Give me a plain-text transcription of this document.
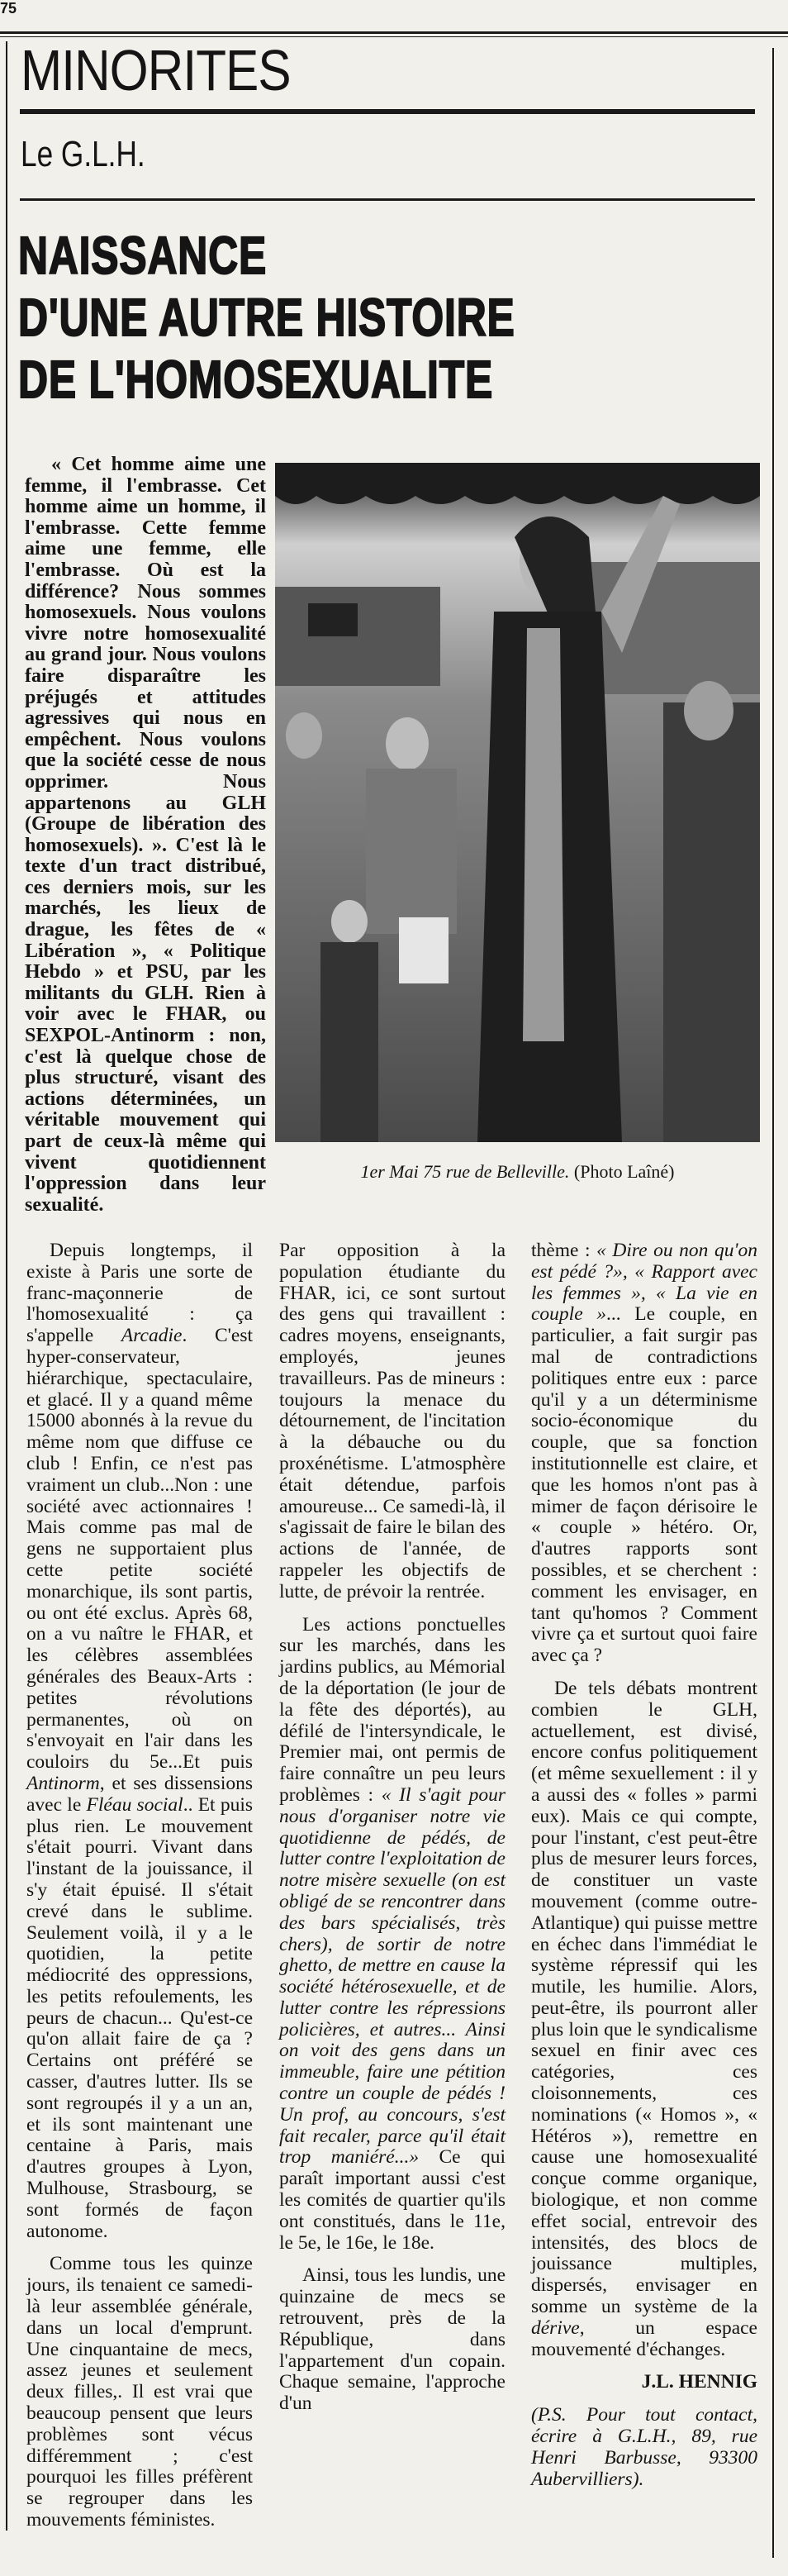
75
MINORITES
Le G.L.H.
NAISSANCE
D'UNE AUTRE HISTOIRE
DE L'HOMOSEXUALITE

« Cet homme aime une femme, il l'embrasse. Cet homme aime un homme, il l'embrasse. Cette femme aime une femme, elle l'embrasse. Où est la différence? Nous sommes homosexuels. Nous voulons vivre notre homosexualité au grand jour. Nous voulons faire disparaître les préjugés et attitudes agressives qui nous en empêchent. Nous voulons que la société cesse de nous opprimer. Nous appartenons au GLH (Groupe de libération des homosexuels). ». C'est là le texte d'un tract distribué, ces derniers mois, sur les marchés, les lieux de drague, les fêtes de « Libération », « Politique Hebdo » et PSU, par les militants du GLH. Rien à voir avec le FHAR, ou SEXPOL-Antinorm : non, c'est là quelque chose de plus structuré, visant des actions déterminées, un véritable mouvement qui part de ceux-là même qui vivent quotidiennent l'oppression dans leur sexualité.

1er Mai 75 rue de Belleville. (Photo Laîné)

Depuis longtemps, il existe à Paris une sorte de franc-maçonnerie de l'homosexualité : ça s'appelle Arcadie. C'est hyper-conservateur, hiérarchique, spectaculaire, et glacé. Il y a quand même 15000 abonnés à la revue du même nom que diffuse ce club ! Enfin, ce n'est pas vraiment un club...Non : une société avec actionnaires ! Mais comme pas mal de gens ne supportaient plus cette petite société monarchique, ils sont partis, ou ont été exclus. Après 68, on a vu naître le FHAR, et les célèbres assemblées générales des Beaux-Arts : petites révolutions permanentes, où on s'envoyait en l'air dans les couloirs du 5e...Et puis Antinorm, et ses dissensions avec le Fléau social.. Et puis plus rien. Le mouvement s'était pourri. Vivant dans l'instant de la jouissance, il s'y était épuisé. Il s'était crevé dans le sublime. Seulement voilà, il y a le quotidien, la petite médiocrité des oppressions, les petits refoulements, les peurs de chacun... Qu'est-ce qu'on allait faire de ça ? Certains ont préféré se casser, d'autres lutter. Ils se sont regroupés il y a un an, et ils sont maintenant une centaine à Paris, mais d'autres groupes à Lyon, Mulhouse, Strasbourg, se sont formés de façon autonome.

Comme tous les quinze jours, ils tenaient ce samedi-là leur assemblée générale, dans un local d'emprunt. Une cinquantaine de mecs, assez jeunes et seulement deux filles,. Il est vrai que beaucoup pensent que leurs problèmes sont vécus différemment ; c'est pourquoi les filles préfèrent se regrouper dans les mouvements féministes.

Par opposition à la population étudiante du FHAR, ici, ce sont surtout des gens qui travaillent : cadres moyens, enseignants, employés, jeunes travailleurs. Pas de mineurs : toujours la menace du détournement, de l'incitation à la débauche ou du proxénétisme. L'atmosphère était détendue, parfois amoureuse... Ce samedi-là, il s'agissait de faire le bilan des actions de l'année, de rappeler les objectifs de lutte, de prévoir la rentrée.

Les actions ponctuelles sur les marchés, dans les jardins publics, au Mémorial de la déportation (le jour de la fête des déportés), au défilé de l'intersyndicale, le Premier mai, ont permis de faire connaître un peu leurs problèmes : « Il s'agit pour nous d'organiser notre vie quotidienne de pédés, de lutter contre l'exploitation de notre misère sexuelle (on est obligé de se rencontrer dans des bars spécialisés, très chers), de sortir de notre ghetto, de mettre en cause la société hétérosexuelle, et de lutter contre les répressions policières, et autres... Ainsi on voit des gens dans un immeuble, faire une pétition contre un couple de pédés ! Un prof, au concours, s'est fait recaler, parce qu'il était trop maniéré...» Ce qui paraît important aussi c'est les comités de quartier qu'ils ont constitués, dans le 11e, le 5e, le 16e, le 18e.

Ainsi, tous les lundis, une quinzaine de mecs se retrouvent, près de la République, dans l'appartement d'un copain. Chaque semaine, l'approche d'un

thème : « Dire ou non qu'on est pédé ?», « Rapport avec les femmes », « La vie en couple »... Le couple, en particulier, a fait surgir pas mal de contradictions politiques entre eux : parce qu'il y a un déterminisme socio-économique du couple, que sa fonction institutionnelle est claire, et que les homos n'ont pas à mimer de façon dérisoire le « couple » hétéro. Or, d'autres rapports sont possibles, et se cherchent : comment les envisager, en tant qu'homos ? Comment vivre ça et surtout quoi faire avec ça ?

De tels débats montrent combien le GLH, actuellement, est divisé, encore confus politiquement (et même sexuellement : il y a aussi des « folles » parmi eux). Mais ce qui compte, pour l'instant, c'est peut-être plus de mesurer leurs forces, de constituer un vaste mouvement (comme outre-Atlantique) qui puisse mettre en échec dans l'immédiat le système répressif qui les mutile, les humilie. Alors, peut-être, ils pourront aller plus loin que le syndicalisme sexuel en finir avec ces catégories, ces cloisonnements, ces nominations (« Homos », « Hétéros »), remettre en cause une homosexualité conçue comme organique, biologique, et non comme effet social, entrevoir des intensités, des blocs de jouissance multiples, dispersés, envisager en somme un système de la dérive, un espace mouvementé d'échanges.

J.L. HENNIG

(P.S. Pour tout contact, écrire à G.L.H., 89, rue Henri Barbusse, 93300 Aubervilliers).
